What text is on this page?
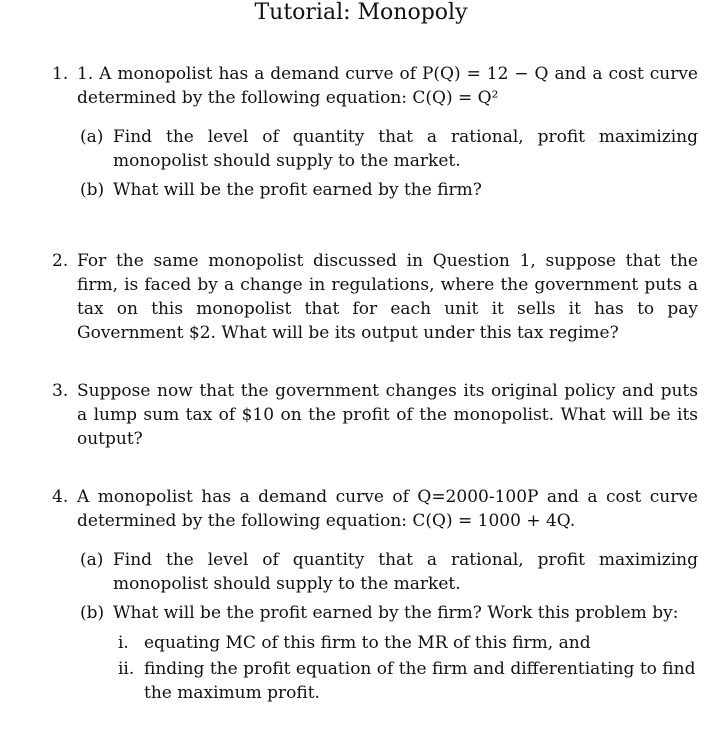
Tutorial: Monopoly
1. 1. A monopolist has a demand curve of P(Q) = 12 − Q and a cost curve determined by the following equation: C(Q) = Q²
(a) Find the level of quantity that a rational, profit maximizing monopolist should supply to the market.
(b) What will be the profit earned by the firm?
2. For the same monopolist discussed in Question 1, suppose that the firm, is faced by a change in regulations, where the government puts a tax on this monopolist that for each unit it sells it has to pay Government $2. What will be its output under this tax regime?
3. Suppose now that the government changes its original policy and puts a lump sum tax of $10 on the profit of the monopolist. What will be its output?
4. A monopolist has a demand curve of Q=2000-100P and a cost curve determined by the following equation: C(Q) = 1000 + 4Q.
(a) Find the level of quantity that a rational, profit maximizing monopolist should supply to the market.
(b) What will be the profit earned by the firm? Work this problem by:
i. equating MC of this firm to the MR of this firm, and
ii. finding the profit equation of the firm and differentiating to find the maximum profit.
